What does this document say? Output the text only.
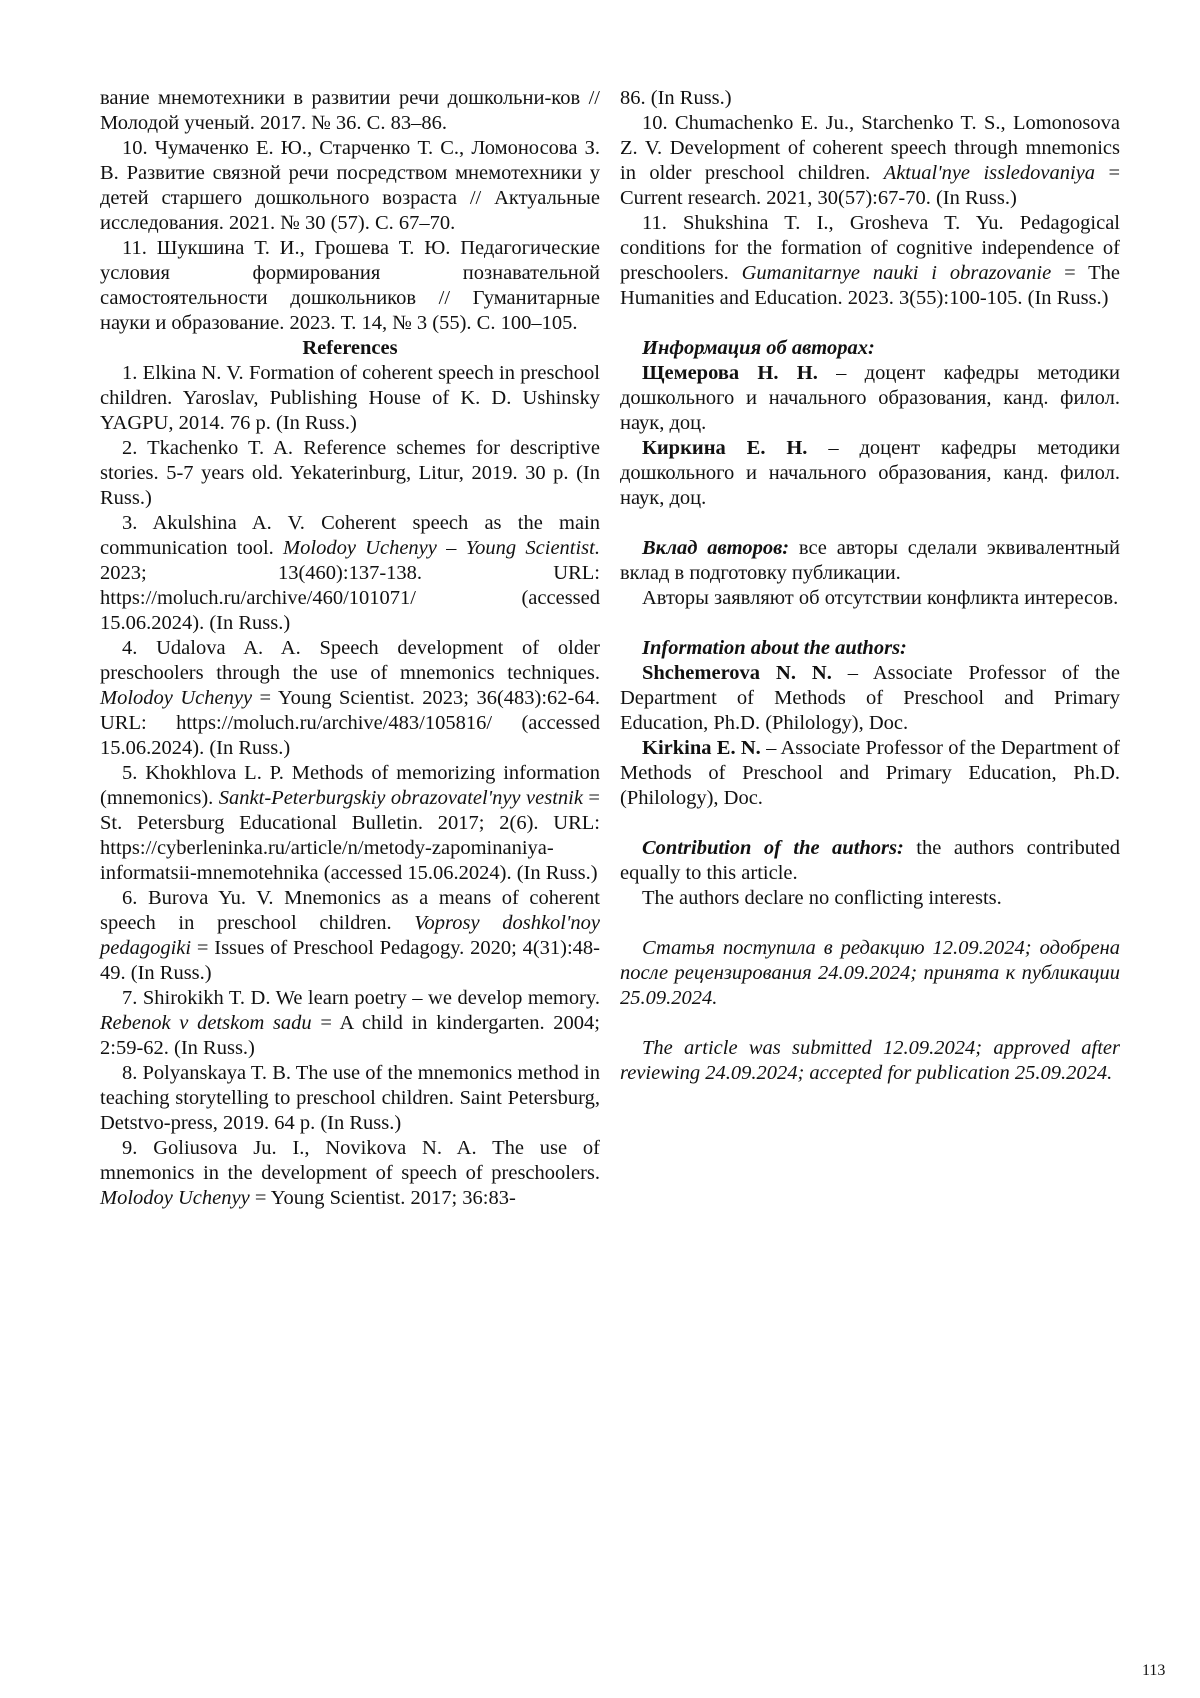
вание мнемотехники в развитии речи дошкольни-ков // Молодой ученый. 2017. № 36. С. 83–86.

10. Чумаченко Е. Ю., Старченко Т. С., Ломоносова З. В. Развитие связной речи посредством мнемотехники у детей старшего дошкольного возраста // Актуальные исследования. 2021. № 30 (57). С. 67–70.

11. Шукшина Т. И., Грошева Т. Ю. Педагогические условия формирования познавательной самостоятельности дошкольников // Гуманитарные науки и образование. 2023. Т. 14, № 3 (55). С. 100–105.

References

1. Elkina N. V. Formation of coherent speech in preschool children. Yaroslav, Publishing House of K. D. Ushinsky YAGPU, 2014. 76 p. (In Russ.)

2. Tkachenko T. A. Reference schemes for descriptive stories. 5-7 years old. Yekaterinburg, Litur, 2019. 30 p. (In Russ.)

3. Akulshina A. V. Coherent speech as the main communication tool. Molodoy Uchenyy – Young Scientist. 2023; 13(460):137-138. URL: https://moluch.ru/archive/460/101071/ (accessed 15.06.2024). (In Russ.)

4. Udalova A. A. Speech development of older preschoolers through the use of mnemonics techniques. Molodoy Uchenyy = Young Scientist. 2023; 36(483):62-64. URL: https://moluch.ru/archive/483/105816/ (accessed 15.06.2024). (In Russ.)

5. Khokhlova L. P. Methods of memorizing information (mnemonics). Sankt-Peterburgskiy obrazovatel'nyy vestnik = St. Petersburg Educational Bulletin. 2017; 2(6). URL: https://cyberleninka.ru/article/n/metody-zapominaniya-informatsii-mnemotehnika (accessed 15.06.2024). (In Russ.)

6. Burova Yu. V. Mnemonics as a means of coherent speech in preschool children. Voprosy doshkol'noy pedagogiki = Issues of Preschool Pedagogy. 2020; 4(31):48-49. (In Russ.)

7. Shirokikh T. D. We learn poetry – we develop memory. Rebenok v detskom sadu = A child in kindergarten. 2004; 2:59-62. (In Russ.)

8. Polyanskaya T. B. The use of the mnemonics method in teaching storytelling to preschool children. Saint Petersburg, Detstvo-press, 2019. 64 p. (In Russ.)

9. Goliusova Ju. I., Novikova N. A. The use of mnemonics in the development of speech of preschoolers. Molodoy Uchenyy = Young Scientist. 2017; 36:83-

86. (In Russ.)

10. Chumachenko E. Ju., Starchenko T. S., Lomonosova Z. V. Development of coherent speech through mnemonics in older preschool children. Aktual'nye issledovaniya = Current research. 2021, 30(57):67-70. (In Russ.)

11. Shukshina T. I., Grosheva T. Yu. Pedagogical conditions for the formation of cognitive independence of preschoolers. Gumanitarnye nauki i obrazovanie = The Humanities and Education. 2023. 3(55):100-105. (In Russ.)

Информация об авторах:

Щемерова Н. Н. – доцент кафедры методики дошкольного и начального образования, канд. филол. наук, доц.

Киркина Е. Н. – доцент кафедры методики дошкольного и начального образования, канд. филол. наук, доц.

Вклад авторов: все авторы сделали эквивалентный вклад в подготовку публикации.

Авторы заявляют об отсутствии конфликта интересов.

Information about the authors:

Shchemerova N. N. – Associate Professor of the Department of Methods of Preschool and Primary Education, Ph.D. (Philology), Doc.

Kirkina E. N. – Associate Professor of the Department of Methods of Preschool and Primary Education, Ph.D. (Philology), Doc.

Contribution of the authors: the authors contributed equally to this article.

The authors declare no conflicting interests.

Статья поступила в редакцию 12.09.2024; одобрена после рецензирования 24.09.2024; принята к публикации 25.09.2024.

The article was submitted 12.09.2024; approved after reviewing 24.09.2024; accepted for publication 25.09.2024.

113
